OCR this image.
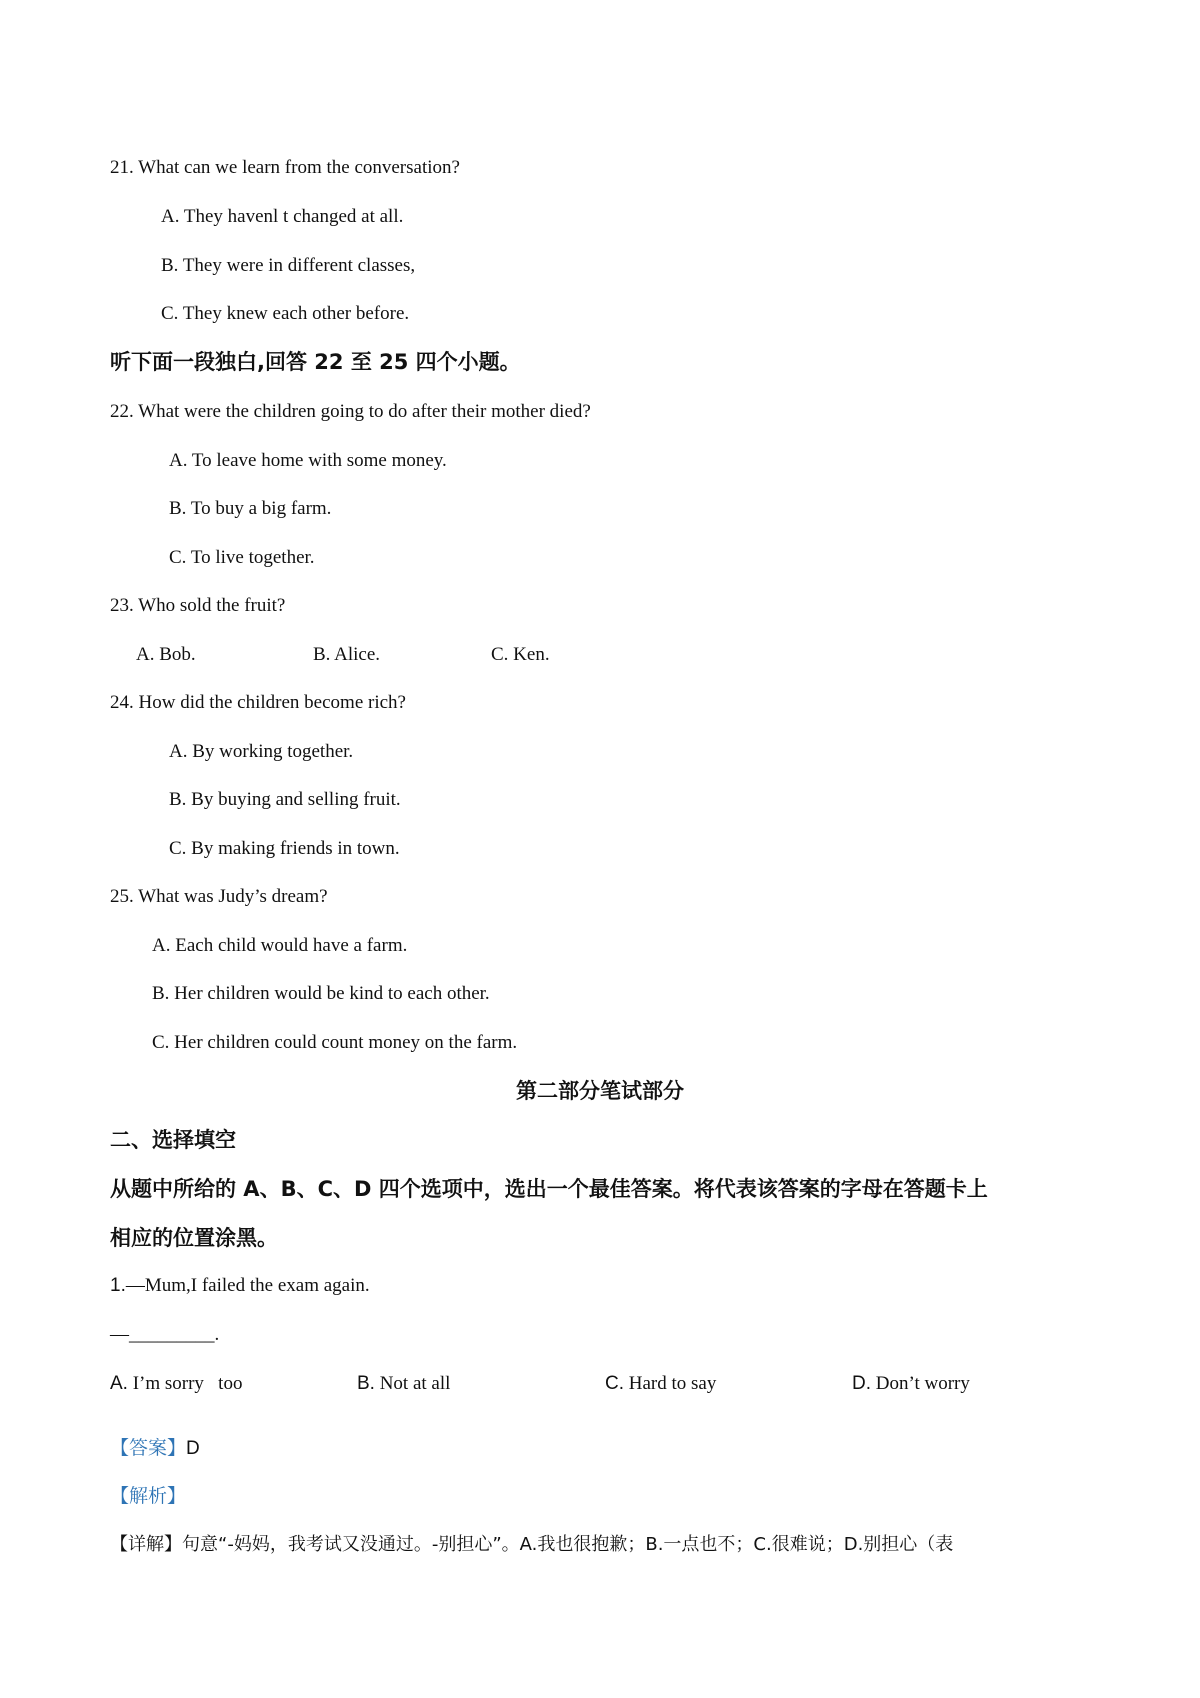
21. What can we learn from the conversation?
A. They havenl t changed at all.
B. They were in different classes,
C. They knew each other before.
听下面一段独白,回答 22 至 25 四个小题。
22. What were the children going to do after their mother died?
A. To leave home with some money.
B. To buy a big farm.
C. To live together.
23. Who sold the fruit?
A. Bob.	B. Alice.	C. Ken.
24. How did the children become rich?
A. By working together.
B. By buying and selling fruit.
C. By making friends in town.
25. What was Judy’s dream?
A. Each child would have a farm.
B. Her children would be kind to each other.
C. Her children could count money on the farm.
第二部分笔试部分
二、选择填空
从题中所给的 A、B、C、D 四个选项中，选出一个最佳答案。将代表该答案的字母在答题卡上
相应的位置涂黑。
1.—Mum,I failed the exam again.
—_________.
A. I’m sorry   too	B. Not at all	C. Hard to say	D. Don’t worry
【答案】D
【解析】
【详解】句意“-妈妈，我考试又没通过。-别担心”。A.我也很抱歉；B.一点也不；C.很难说；D.别担心（表
